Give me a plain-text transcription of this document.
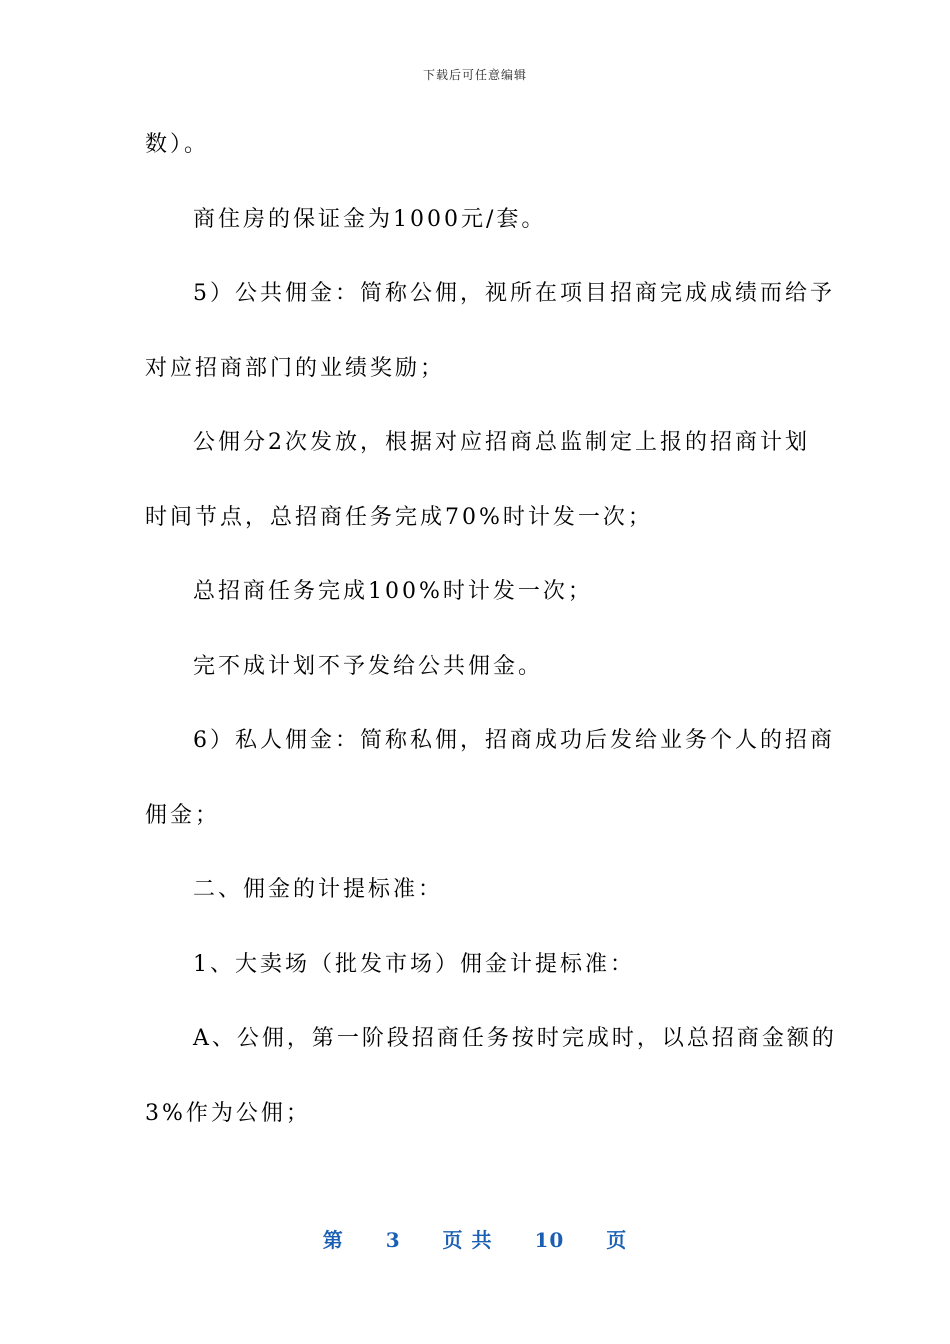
下载后可任意编辑
数）。
商住房的保证金为1000元/套。
5）公共佣金：简称公佣，视所在项目招商完成成绩而给予
对应招商部门的业绩奖励；
公佣分2次发放，根据对应招商总监制定上报的招商计划
时间节点，总招商任务完成70%时计发一次；
总招商任务完成100%时计发一次；
完不成计划不予发给公共佣金。
6）私人佣金：简称私佣，招商成功后发给业务个人的招商
佣金；
二、佣金的计提标准：
1、大卖场（批发市场）佣金计提标准：
A、公佣，第一阶段招商任务按时完成时，以总招商金额的
3%作为公佣；
第 3 页 共 10 页
